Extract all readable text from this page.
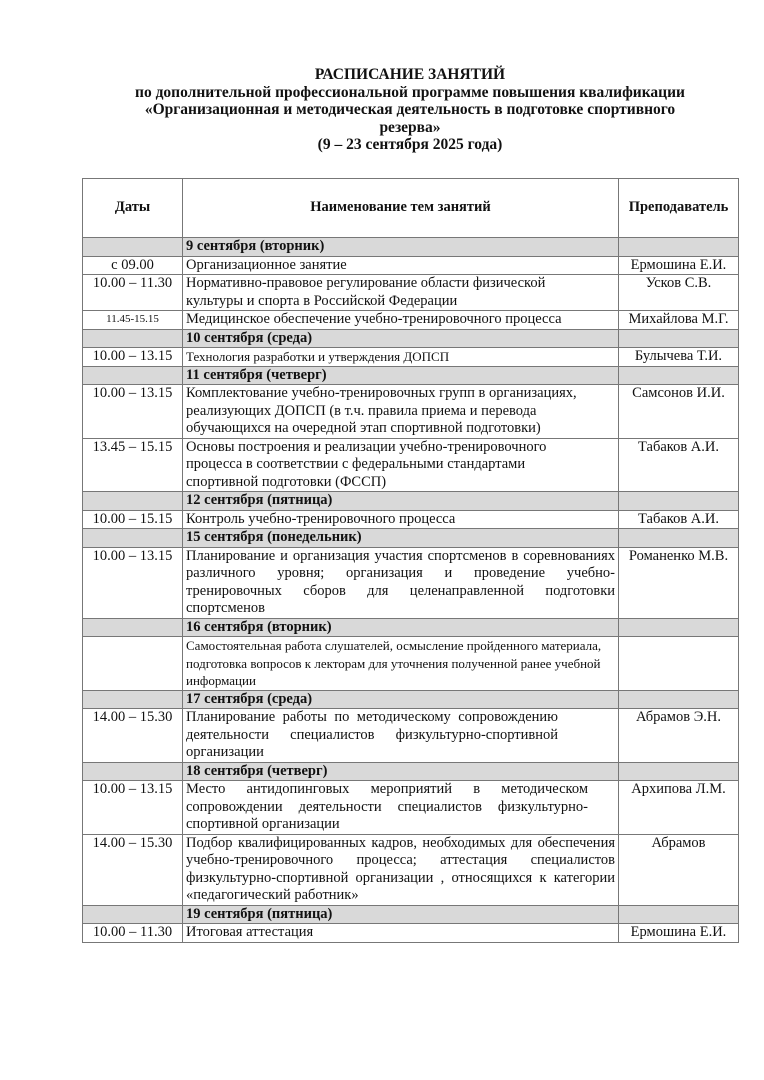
РАСПИСАНИЕ ЗАНЯТИЙ
по дополнительной профессиональной программе повышения квалификации
«Организационная и методическая деятельность в подготовке спортивного
резерва»
(9 – 23 сентября 2025 года)
Даты	Наименование тем занятий	Преподаватель
	9 сентября (вторник)	
с 09.00	Организационное занятие	Ермошина Е.И.
10.00 – 11.30	Нормативно-правовое регулирование области физической культуры и спорта в Российской Федерации	Усков С.В.
11.45-15.15	Медицинское обеспечение учебно-тренировочного процесса	Михайлова М.Г.
	10 сентября (среда)	
10.00 – 13.15	Технология разработки и утверждения ДОПСП	Булычева Т.И.
	11 сентября (четверг)	
10.00 – 13.15	Комплектование учебно-тренировочных групп в организациях, реализующих ДОПСП (в т.ч. правила приема и перевода обучающихся на очередной этап спортивной подготовки)	Самсонов И.И.
13.45 – 15.15	Основы построения и реализации учебно-тренировочного процесса в соответствии с федеральными стандартами спортивной подготовки (ФССП)	Табаков А.И.
	12 сентября (пятница)	
10.00 – 15.15	Контроль учебно-тренировочного процесса	Табаков А.И.
	15 сентября (понедельник)	
10.00 – 13.15	Планирование и организация участия спортсменов в соревнованиях различного уровня; организация и проведение учебно-тренировочных сборов для целенаправленной подготовки спортсменов	Романенко М.В.
	16 сентября (вторник)	
	Самостоятельная работа слушателей, осмысление пройденного материала, подготовка вопросов к лекторам для уточнения полученной ранее учебной информации	
	17 сентября (среда)	
14.00 – 15.30	Планирование работы по методическому сопровождению деятельности специалистов физкультурно-спортивной организации	Абрамов Э.Н.
	18 сентября (четверг)	
10.00 – 13.15	Место антидопинговых мероприятий в методическом сопровождении деятельности специалистов физкультурно-спортивной организации	Архипова Л.М.
14.00 – 15.30	Подбор квалифицированных кадров, необходимых для обеспечения учебно-тренировочного процесса; аттестация специалистов физкультурно-спортивной организации , относящихся к категории «педагогический работник»	Абрамов
	19 сентября (пятница)	
10.00 – 11.30	Итоговая аттестация	Ермошина Е.И.
